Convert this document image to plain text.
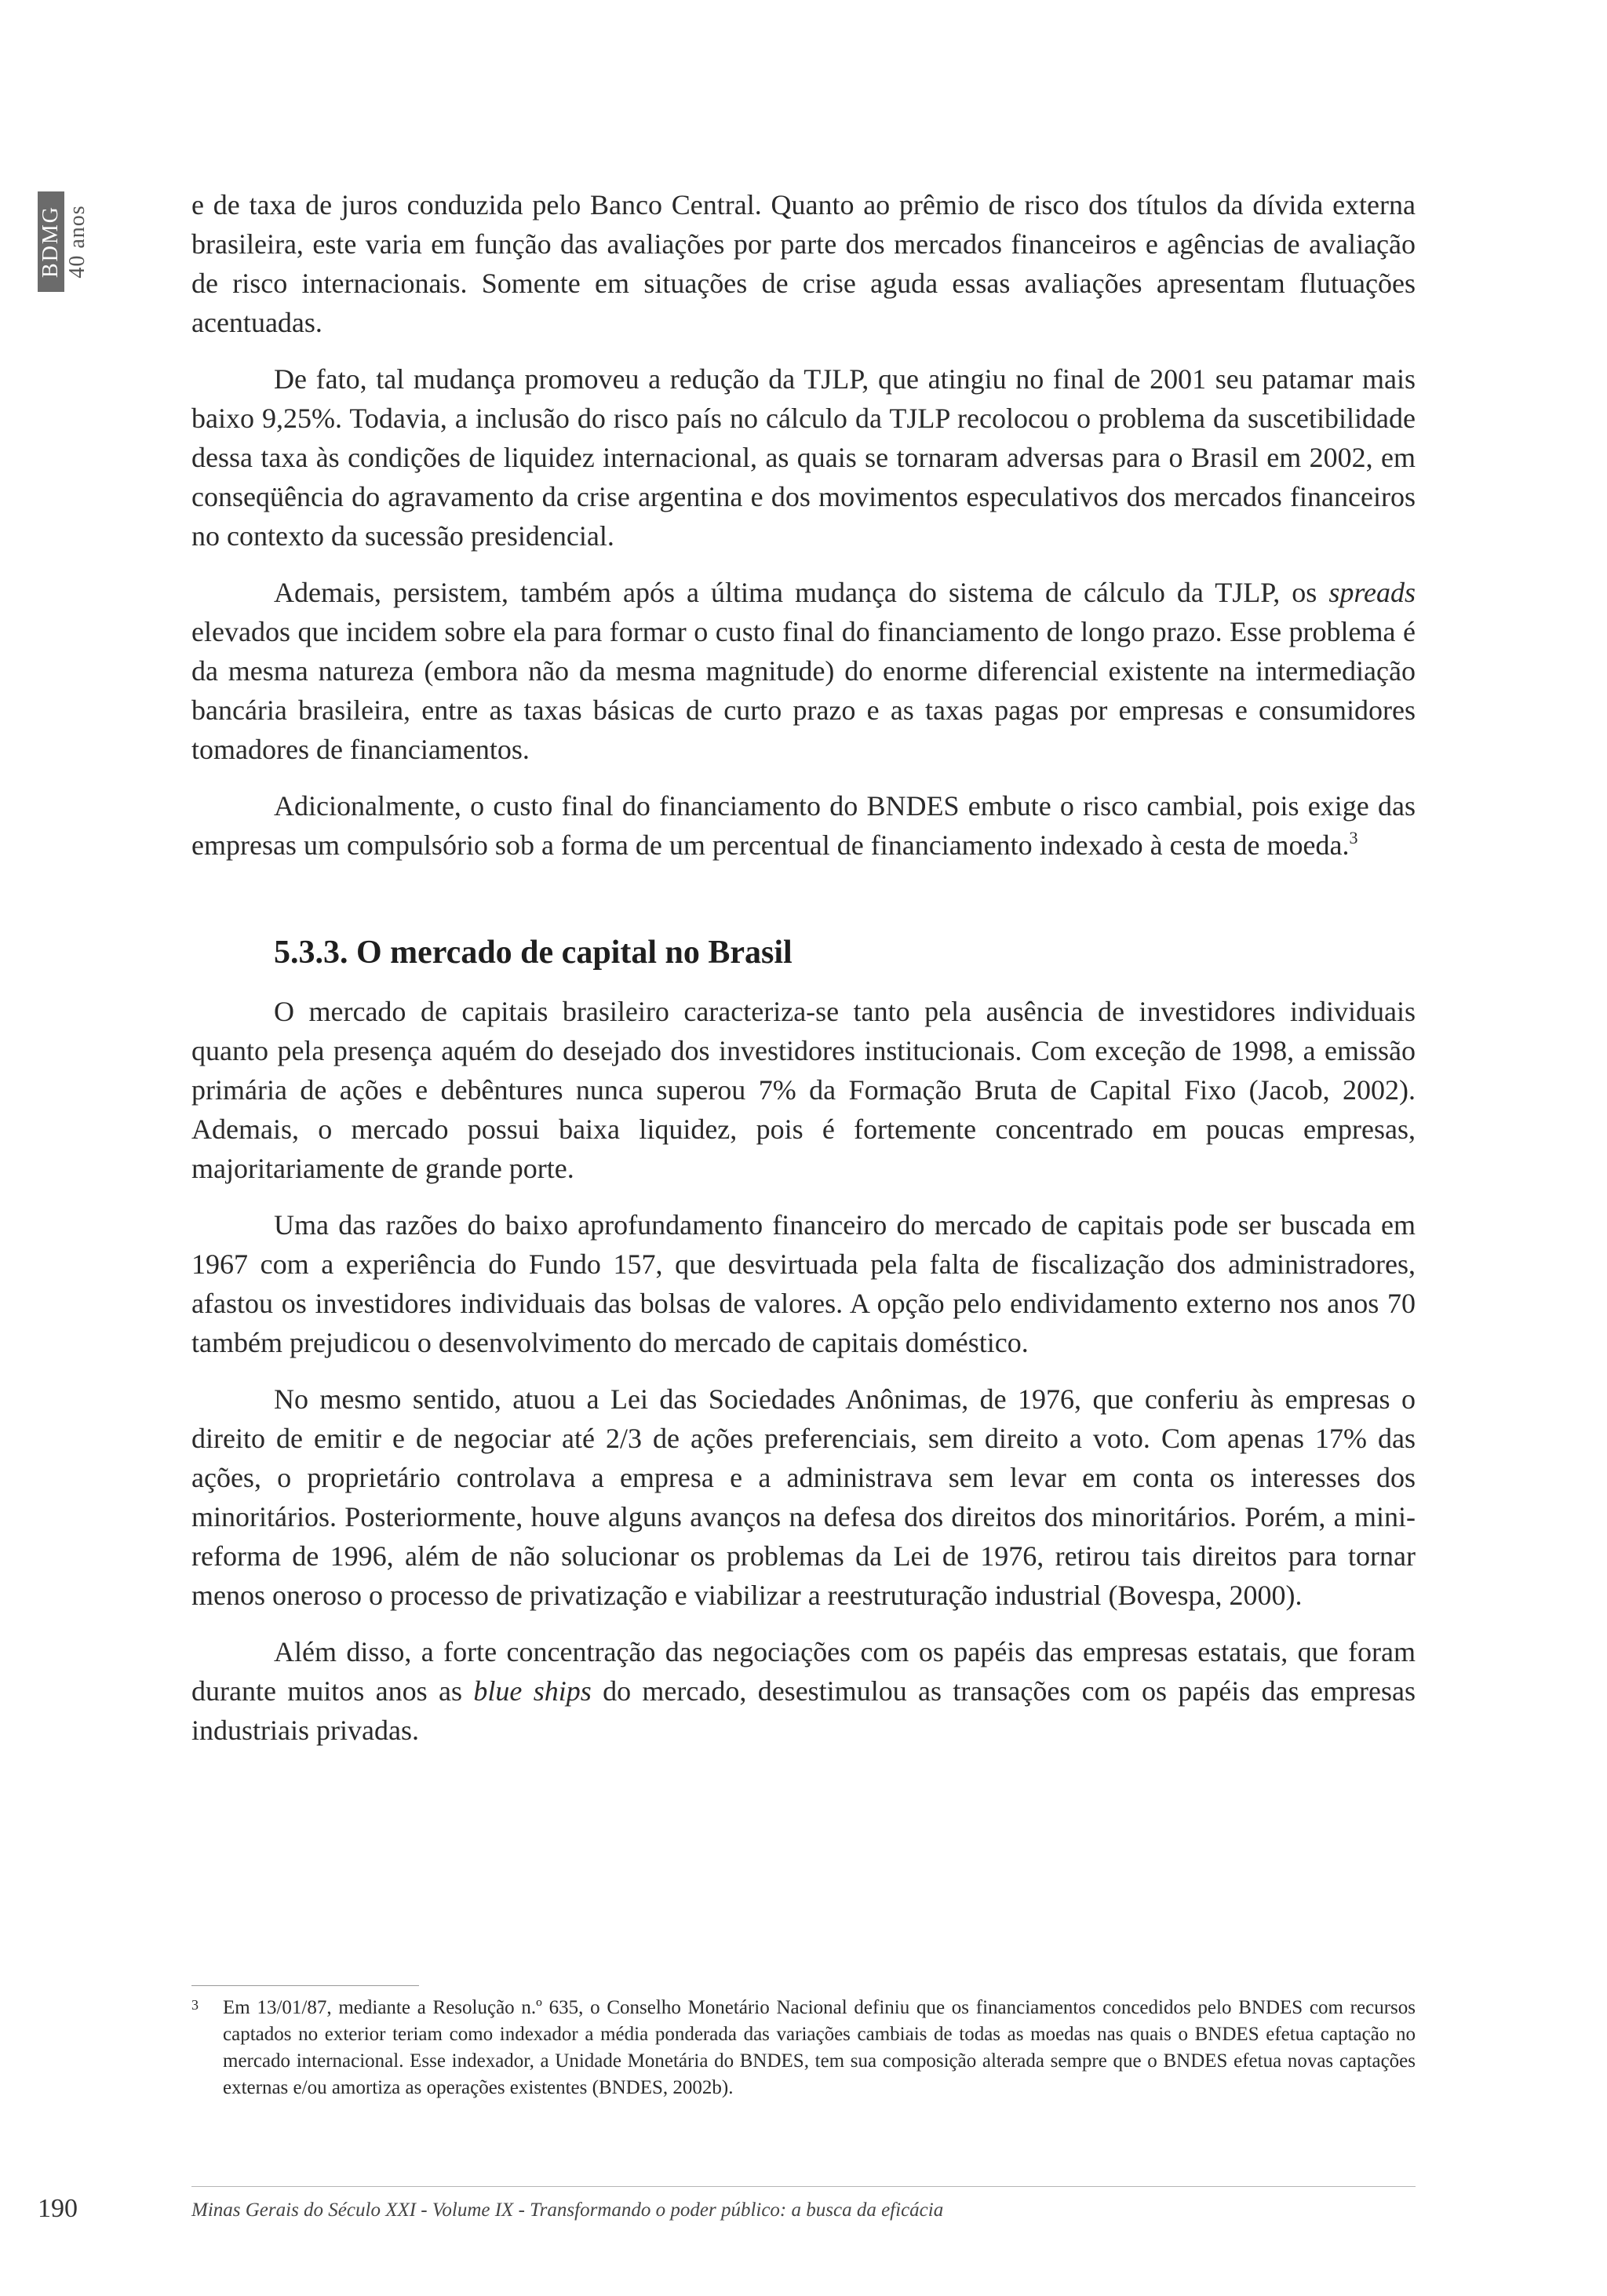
BDMG 40 anos

e de taxa de juros conduzida pelo Banco Central. Quanto ao prêmio de risco dos títulos da dívida externa brasileira, este varia em função das avaliações por parte dos mercados financeiros e agências de avaliação de risco internacionais. Somente em situações de crise aguda essas avaliações apresentam flutuações acentuadas.

De fato, tal mudança promoveu a redução da TJLP, que atingiu no final de 2001 seu patamar mais baixo 9,25%. Todavia, a inclusão do risco país no cálculo da TJLP recolocou o problema da suscetibilidade dessa taxa às condições de liquidez internacional, as quais se tornaram adversas para o Brasil em 2002, em conseqüência do agravamento da crise argentina e dos movimentos especulativos dos mercados financeiros no contexto da sucessão presidencial.

Ademais, persistem, também após a última mudança do sistema de cálculo da TJLP, os spreads elevados que incidem sobre ela para formar o custo final do financiamento de longo prazo. Esse problema é da mesma natureza (embora não da mesma magnitude) do enorme diferencial existente na intermediação bancária brasileira, entre as taxas básicas de curto prazo e as taxas pagas por empresas e consumidores tomadores de financiamentos.

Adicionalmente, o custo final do financiamento do BNDES embute o risco cambial, pois exige das empresas um compulsório sob a forma de um percentual de financiamento indexado à cesta de moeda.$^3$

5.3.3. O mercado de capital no Brasil

O mercado de capitais brasileiro caracteriza-se tanto pela ausência de investidores individuais quanto pela presença aquém do desejado dos investidores institucionais. Com exceção de 1998, a emissão primária de ações e debêntures nunca superou 7% da Formação Bruta de Capital Fixo (Jacob, 2002). Ademais, o mercado possui baixa liquidez, pois é fortemente concentrado em poucas empresas, majoritariamente de grande porte.

Uma das razões do baixo aprofundamento financeiro do mercado de capitais pode ser buscada em 1967 com a experiência do Fundo 157, que desvirtuada pela falta de fiscalização dos administradores, afastou os investidores individuais das bolsas de valores. A opção pelo endividamento externo nos anos 70 também prejudicou o desenvolvimento do mercado de capitais doméstico.

No mesmo sentido, atuou a Lei das Sociedades Anônimas, de 1976, que conferiu às empresas o direito de emitir e de negociar até 2/3 de ações preferenciais, sem direito a voto. Com apenas 17% das ações, o proprietário controlava a empresa e a administrava sem levar em conta os interesses dos minoritários. Posteriormente, houve alguns avanços na defesa dos direitos dos minoritários. Porém, a mini-reforma de 1996, além de não solucionar os problemas da Lei de 1976, retirou tais direitos para tornar menos oneroso o processo de privatização e viabilizar a reestruturação industrial (Bovespa, 2000).

Além disso, a forte concentração das negociações com os papéis das empresas estatais, que foram durante muitos anos as blue ships do mercado, desestimulou as transações com os papéis das empresas industriais privadas.

3 Em 13/01/87, mediante a Resolução n.º 635, o Conselho Monetário Nacional definiu que os financiamentos concedidos pelo BNDES com recursos captados no exterior teriam como indexador a média ponderada das variações cambiais de todas as moedas nas quais o BNDES efetua captação no mercado internacional. Esse indexador, a Unidade Monetária do BNDES, tem sua composição alterada sempre que o BNDES efetua novas captações externas e/ou amortiza as operações existentes (BNDES, 2002b).
190	Minas Gerais do Século XXI - Volume IX - Transformando o poder público: a busca da eficácia
